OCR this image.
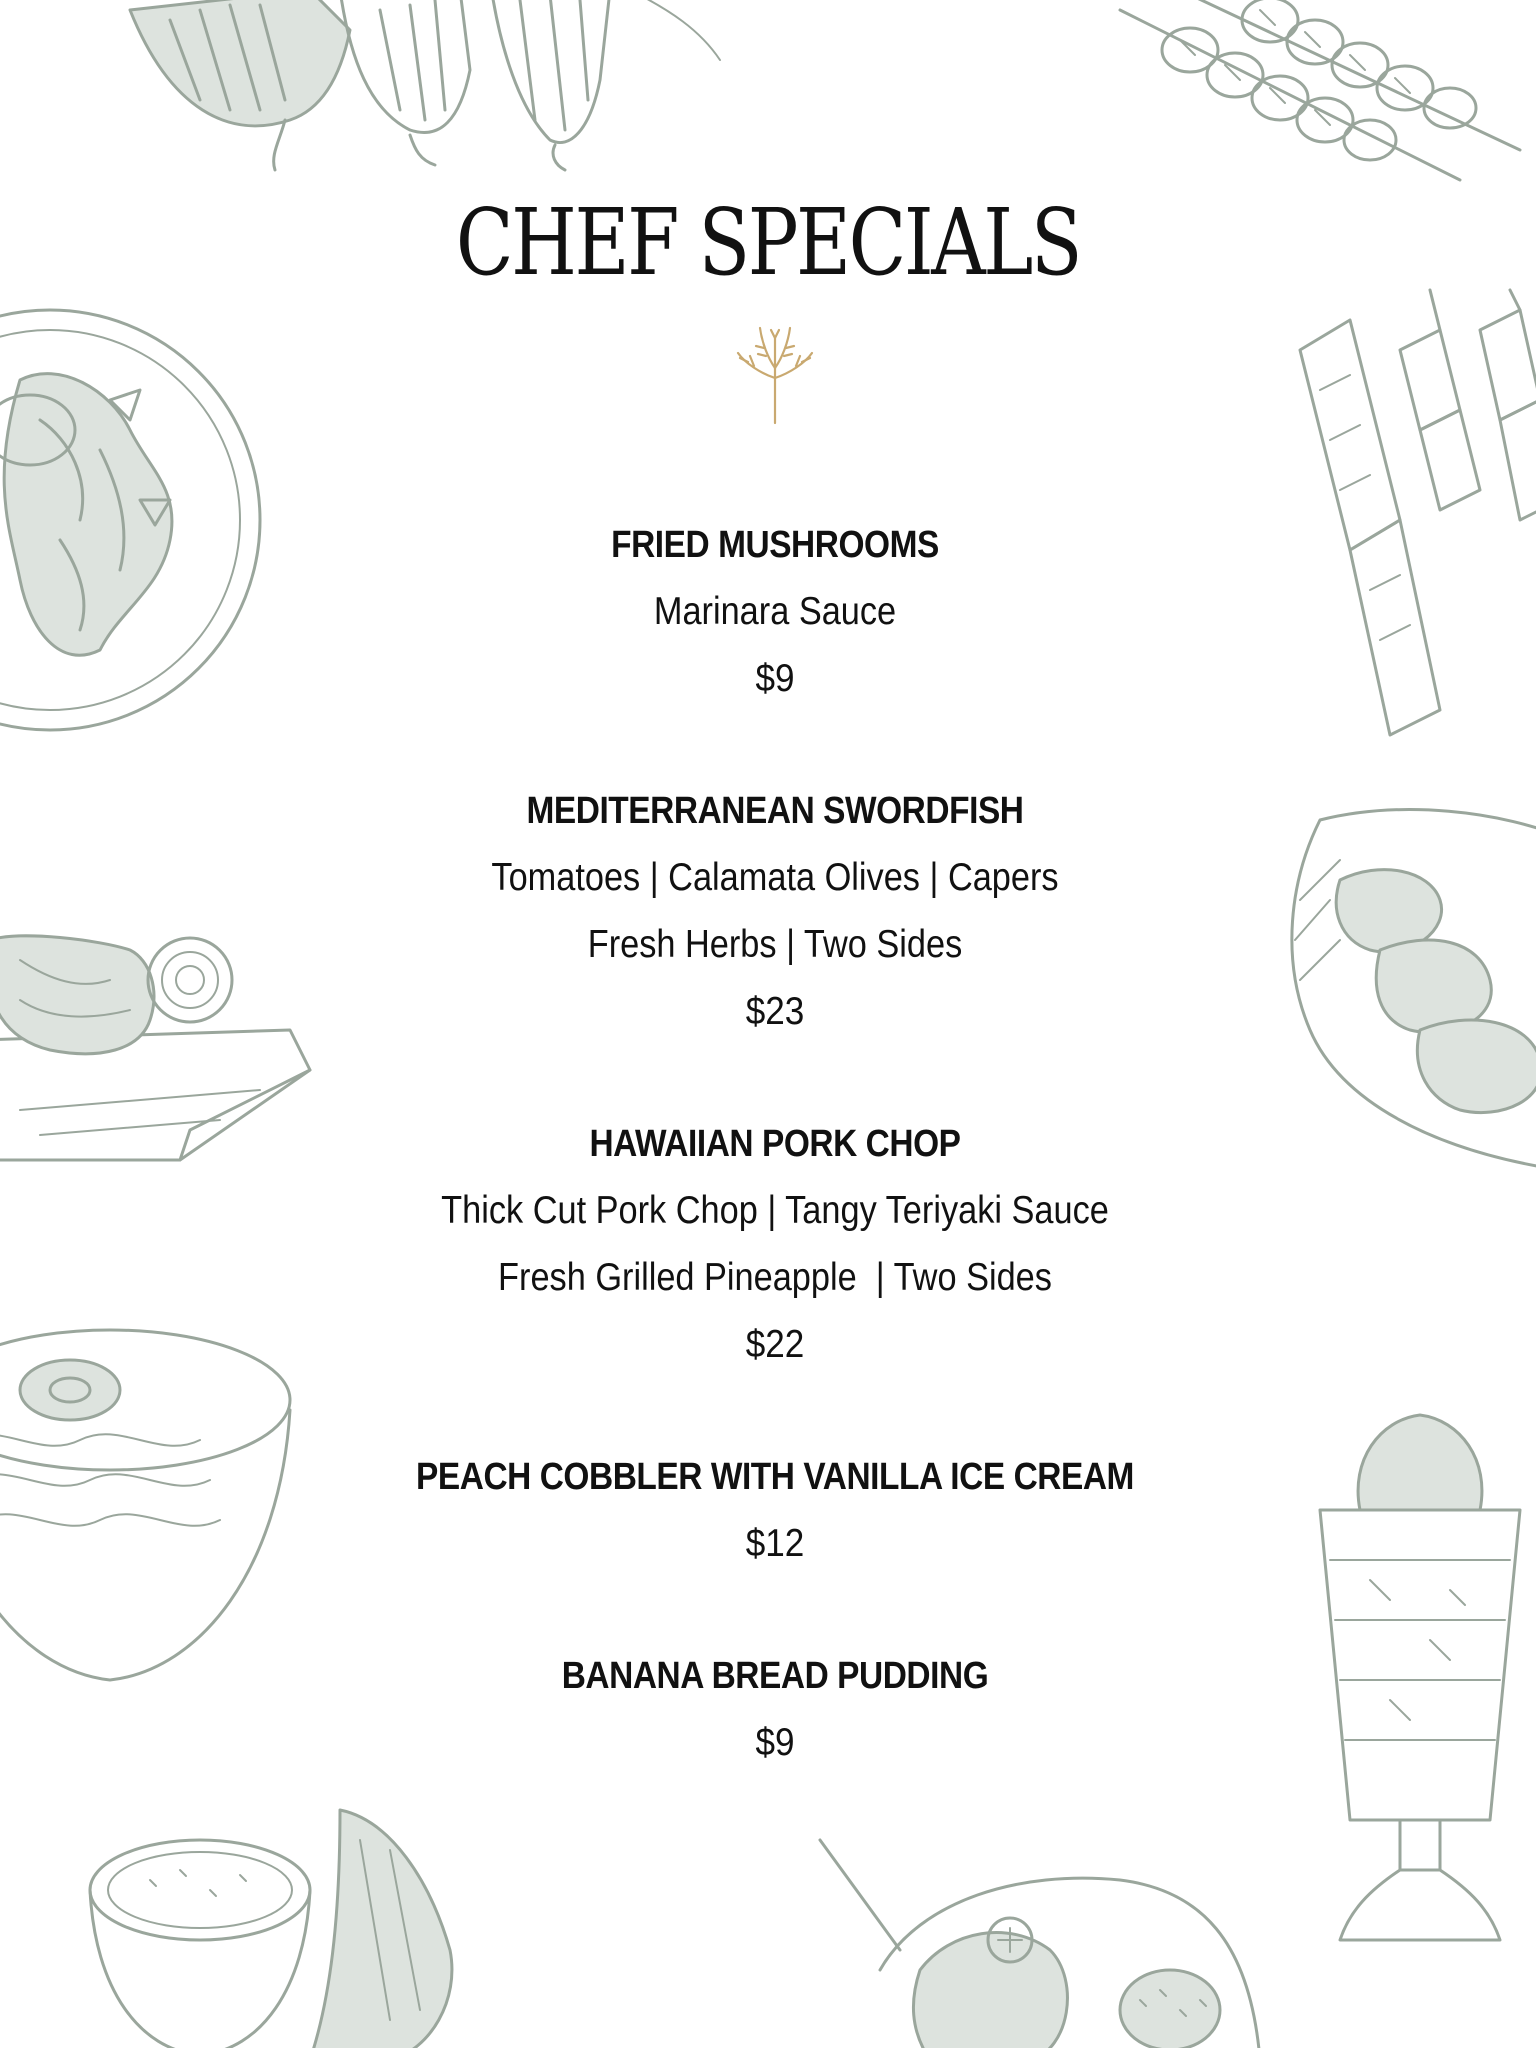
CHEF SPECIALS
FRIED MUSHROOMS
Marinara Sauce
$9
MEDITERRANEAN SWORDFISH
Tomatoes | Calamata Olives | Capers
Fresh Herbs | Two Sides
$23
HAWAIIAN PORK CHOP
Thick Cut Pork Chop | Tangy Teriyaki Sauce
Fresh Grilled Pineapple  | Two Sides
$22
PEACH COBBLER WITH VANILLA ICE CREAM
$12
BANANA BREAD PUDDING
$9
